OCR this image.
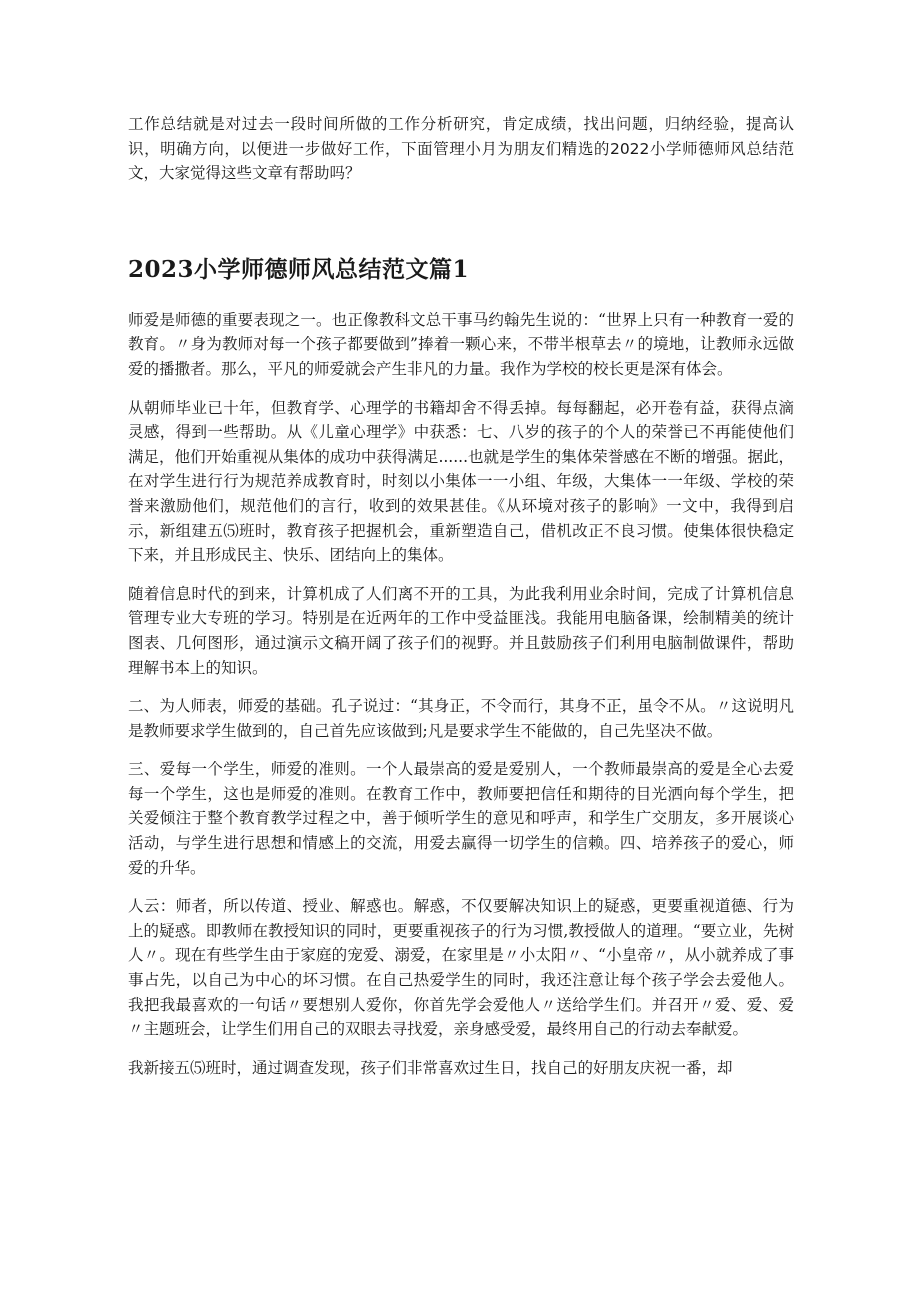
工作总结就是对过去一段时间所做的工作分析研究，肯定成绩，找出问题，归纳经验，提高认识，明确方向，以便进一步做好工作，下面管理小月为朋友们精选的2022小学师德师风总结范文，大家觉得这些文章有帮助吗？

2023小学师德师风总结范文篇1

师爱是师德的重要表现之一。也正像教科文总干事马约翰先生说的：“世界上只有一种教育一爱的教育。〃身为教师对每一个孩子都要做到”捧着一颗心来，不带半根草去〃的境地，让教师永远做爱的播撒者。那么，平凡的师爱就会产生非凡的力量。我作为学校的校长更是深有体会。

从朝师毕业已十年，但教育学、心理学的书籍却舍不得丢掉。每每翻起，必开卷有益，获得点滴灵感，得到一些帮助。从《儿童心理学》中获悉：七、八岁的孩子的个人的荣誉已不再能使他们满足，他们开始重视从集体的成功中获得满足......也就是学生的集体荣誉感在不断的增强。据此，在对学生进行行为规范养成教育时，时刻以小集体一一小组、年级，大集体一一年级、学校的荣誉来激励他们，规范他们的言行，收到的效果甚佳。《从环境对孩子的影响》一文中，我得到启示，新组建五⑸班时，教育孩子把握机会，重新塑造自己，借机改正不良习惯。使集体很快稳定下来，并且形成民主、快乐、团结向上的集体。

随着信息时代的到来，计算机成了人们离不开的工具，为此我利用业余时间，完成了计算机信息管理专业大专班的学习。特别是在近两年的工作中受益匪浅。我能用电脑备课，绘制精美的统计图表、几何图形，通过演示文稿开阔了孩子们的视野。并且鼓励孩子们利用电脑制做课件，帮助理解书本上的知识。

二、为人师表，师爱的基础。孔子说过：“其身正，不令而行，其身不正，虽令不从。〃这说明凡是教师要求学生做到的，自己首先应该做到;凡是要求学生不能做的，自己先坚决不做。

三、爱每一个学生，师爱的准则。一个人最崇高的爱是爱别人，一个教师最崇高的爱是全心去爱每一个学生，这也是师爱的准则。在教育工作中，教师要把信任和期待的目光洒向每个学生，把关爱倾注于整个教育教学过程之中，善于倾听学生的意见和呼声，和学生广交朋友，多开展谈心活动，与学生进行思想和情感上的交流，用爱去赢得一切学生的信赖。四、培养孩子的爱心，师爱的升华。

人云：师者，所以传道、授业、解惑也。解惑，不仅要解决知识上的疑惑，更要重视道德、行为上的疑惑。即教师在教授知识的同时，更要重视孩子的行为习惯,教授做人的道理。“要立业，先树人〃。现在有些学生由于家庭的宠爱、溺爱，在家里是〃小太阳〃、“小皇帝〃，从小就养成了事事占先，以自己为中心的坏习惯。在自己热爱学生的同时，我还注意让每个孩子学会去爱他人。我把我最喜欢的一句话〃要想别人爱你，你首先学会爱他人〃送给学生们。并召开〃爱、爱、爱〃主题班会，让学生们用自己的双眼去寻找爱，亲身感受爱，最终用自己的行动去奉献爱。

我新接五⑸班时，通过调查发现，孩子们非常喜欢过生日，找自己的好朋友庆祝一番，却
